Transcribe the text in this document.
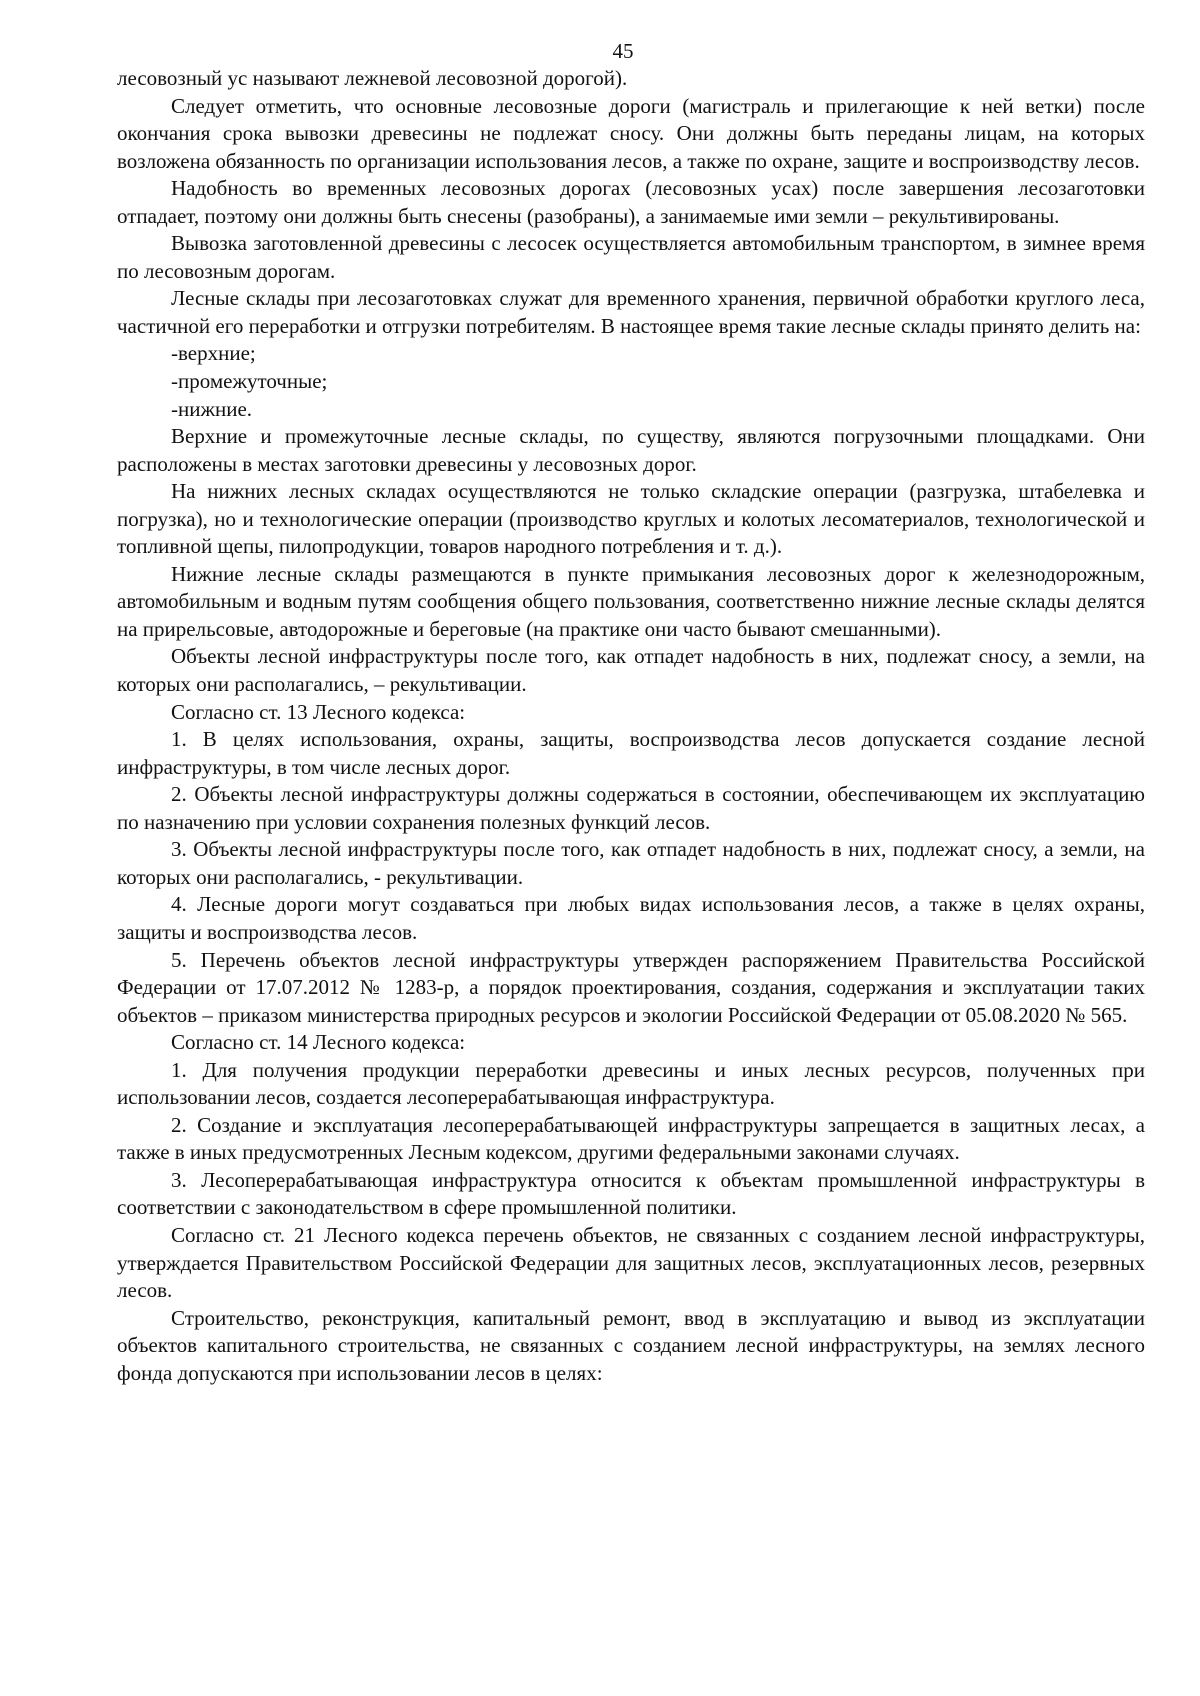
45

лесовозный ус называют лежневой лесовозной дорогой).

Следует отметить, что основные лесовозные дороги (магистраль и прилегающие к ней ветки) после окончания срока вывозки древесины не подлежат сносу. Они должны быть переданы лицам, на которых возложена обязанность по организации использования лесов, а также по охране, защите и воспроизводству лесов.

Надобность во временных лесовозных дорогах (лесовозных усах) после завершения лесозаготовки отпадает, поэтому они должны быть снесены (разобраны), а занимаемые ими земли – рекультивированы.

Вывозка заготовленной древесины с лесосек осуществляется автомобильным транспортом, в зимнее время по лесовозным дорогам.

Лесные склады при лесозаготовках служат для временного хранения, первичной обработки круглого леса, частичной его переработки и отгрузки потребителям. В настоящее время такие лесные склады принято делить на:

-верхние;

-промежуточные;

-нижние.

Верхние и промежуточные лесные склады, по существу, являются погрузочными площадками. Они расположены в местах заготовки древесины у лесовозных дорог.

На нижних лесных складах осуществляются не только складские операции (разгрузка, штабелевка и погрузка), но и технологические операции (производство круглых и колотых лесоматериалов, технологической и топливной щепы, пилопродукции, товаров народного потребления и т. д.).

Нижние лесные склады размещаются в пункте примыкания лесовозных дорог к железнодорожным, автомобильным и водным путям сообщения общего пользования, соответственно нижние лесные склады делятся на прирельсовые, автодорожные и береговые (на практике они часто бывают смешанными).

Объекты лесной инфраструктуры после того, как отпадет надобность в них, подлежат сносу, а земли, на которых они располагались, – рекультивации.

Согласно ст. 13 Лесного кодекса:

1. В целях использования, охраны, защиты, воспроизводства лесов допускается создание лесной инфраструктуры, в том числе лесных дорог.

2. Объекты лесной инфраструктуры должны содержаться в состоянии, обеспечивающем их эксплуатацию по назначению при условии сохранения полезных функций лесов.

3. Объекты лесной инфраструктуры после того, как отпадет надобность в них, подлежат сносу, а земли, на которых они располагались, - рекультивации.

4. Лесные дороги могут создаваться при любых видах использования лесов, а также в целях охраны, защиты и воспроизводства лесов.

5. Перечень объектов лесной инфраструктуры утвержден распоряжением Правительства Российской Федерации от 17.07.2012 № 1283-р, а порядок проектирования, создания, содержания и эксплуатации таких объектов – приказом министерства природных ресурсов и экологии Российской Федерации от 05.08.2020 № 565.

Согласно ст. 14 Лесного кодекса:

1. Для получения продукции переработки древесины и иных лесных ресурсов, полученных при использовании лесов, создается лесоперерабатывающая инфраструктура.

2. Создание и эксплуатация лесоперерабатывающей инфраструктуры запрещается в защитных лесах, а также в иных предусмотренных Лесным кодексом, другими федеральными законами случаях.

3. Лесоперерабатывающая инфраструктура относится к объектам промышленной инфраструктуры в соответствии с законодательством в сфере промышленной политики.

Согласно ст. 21 Лесного кодекса перечень объектов, не связанных с созданием лесной инфраструктуры, утверждается Правительством Российской Федерации для защитных лесов, эксплуатационных лесов, резервных лесов.

Строительство, реконструкция, капитальный ремонт, ввод в эксплуатацию и вывод из эксплуатации объектов капитального строительства, не связанных с созданием лесной инфраструктуры, на землях лесного фонда допускаются при использовании лесов в целях:
